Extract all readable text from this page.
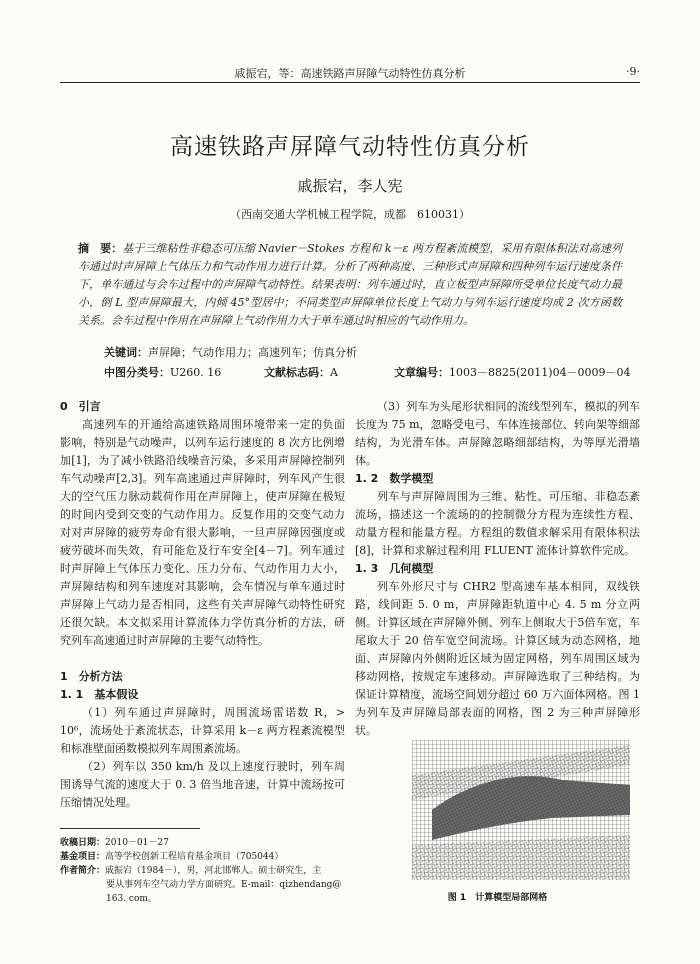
戚振宕，等：高速铁路声屏障气动特性仿真分析	·9·
高速铁路声屏障气动特性仿真分析
戚振宕，李人宪
（西南交通大学机械工程学院，成都　610031）
摘　要：基于三维粘性非稳态可压缩 Navier－Stokes 方程和 k－ε 两方程紊流模型，采用有限体积法对高速列车通过时声屏障上气体压力和气动作用力进行计算。分析了两种高度、三种形式声屏障和四种列车运行速度条件下，单车通过与会车过程中的声屏障气动特性。结果表明：列车通过时，直立板型声屏障所受单位长度气动力最小，倒 L 型声屏障最大，内倾 45°型居中；不同类型声屏障单位长度上气动力与列车运行速度均成 2 次方函数关系。会车过程中作用在声屏障上气动作用力大于单车通过时相应的气动作用力。
关键词：声屏障；气动作用力；高速列车；仿真分析
中图分类号：U260. 16	文献标志码：A	文章编号：1003－8825(2011)04－0009－04
0　引言

高速列车的开通给高速铁路周围环境带来一定的负面影响，特别是气动噪声，以列车运行速度的 8 次方比例增加[1]，为了减小铁路沿线噪音污染，多采用声屏障控制列车气动噪声[2,3]。列车高速通过声屏障时，列车风产生很大的空气压力脉动载荷作用在声屏障上，使声屏障在极短的时间内受到交变的气动作用力。反复作用的交变气动力对对声屏障的疲劳寿命有很大影响，一旦声屏障因强度或疲劳破坏而失效，有可能危及行车安全[4－7]。列车通过时声屏障上气体压力变化、压力分布、气动作用力大小，声屏障结构和列车速度对其影响，会车情况与单车通过时声屏障上气动力是否相同，这些有关声屏障气动特性研究还很欠缺。本文拟采用计算流体力学仿真分析的方法，研究列车高速通过时声屏障的主要气动特性。

1　分析方法
1. 1　基本假设

（1）列车通过声屏障时，周围流场雷诺数 R，> 10⁶，流场处于紊流状态，计算采用 k－ε 两方程紊流模型和标准壁面函数模拟列车周围紊流场。

（2）列车以 350 km/h 及以上速度行驶时，列车周围诱导气流的速度大于 0. 3 倍当地音速，计算中流场按可压缩情况处理。

（3）列车为头尾形状相同的流线型列车，模拟的列车长度为 75 m，忽略受电弓、车体连接部位、转向架等细部结构，为光滑车体。声屏障忽略细部结构，为等厚光滑墙体。

1. 2　数学模型

列车与声屏障周围为三维、粘性、可压缩、非稳态紊流场，描述这一个流场的的控制微分方程为连续性方程、动量方程和能量方程。方程组的数值求解采用有限体积法[8]，计算和求解过程利用 FLUENT 流体计算软件完成。

1. 3　几何模型

列车外形尺寸与 CHR2 型高速车基本相同，双线铁路，线间距 5. 0 m，声屏障距轨道中心 4. 5 m 分立两侧。计算区域在声屏障外侧、列车上侧取大于5倍车宽，车尾取大于 20 倍车宽空间流场。计算区域为动态网格，地面、声屏障内外侧附近区域为固定网格，列车周围区域为移动网格，按规定车速移动。声屏障选取了三种结构。为保证计算精度，流场空间划分超过 60 万六面体网格。图 1 为列车及声屏障局部表面的网格，图 2 为三种声屏障形状。

图 1　计算模型局部网格
收稿日期：2010－01－27
基金项目：高等学校创新工程培育基金项目（705044）
作者简介：戚振宕（1984－），男，河北邯郸人。硕士研究生，主
要从事列车空气动力学方面研究。E-mail：qizhendang@
163. com。
